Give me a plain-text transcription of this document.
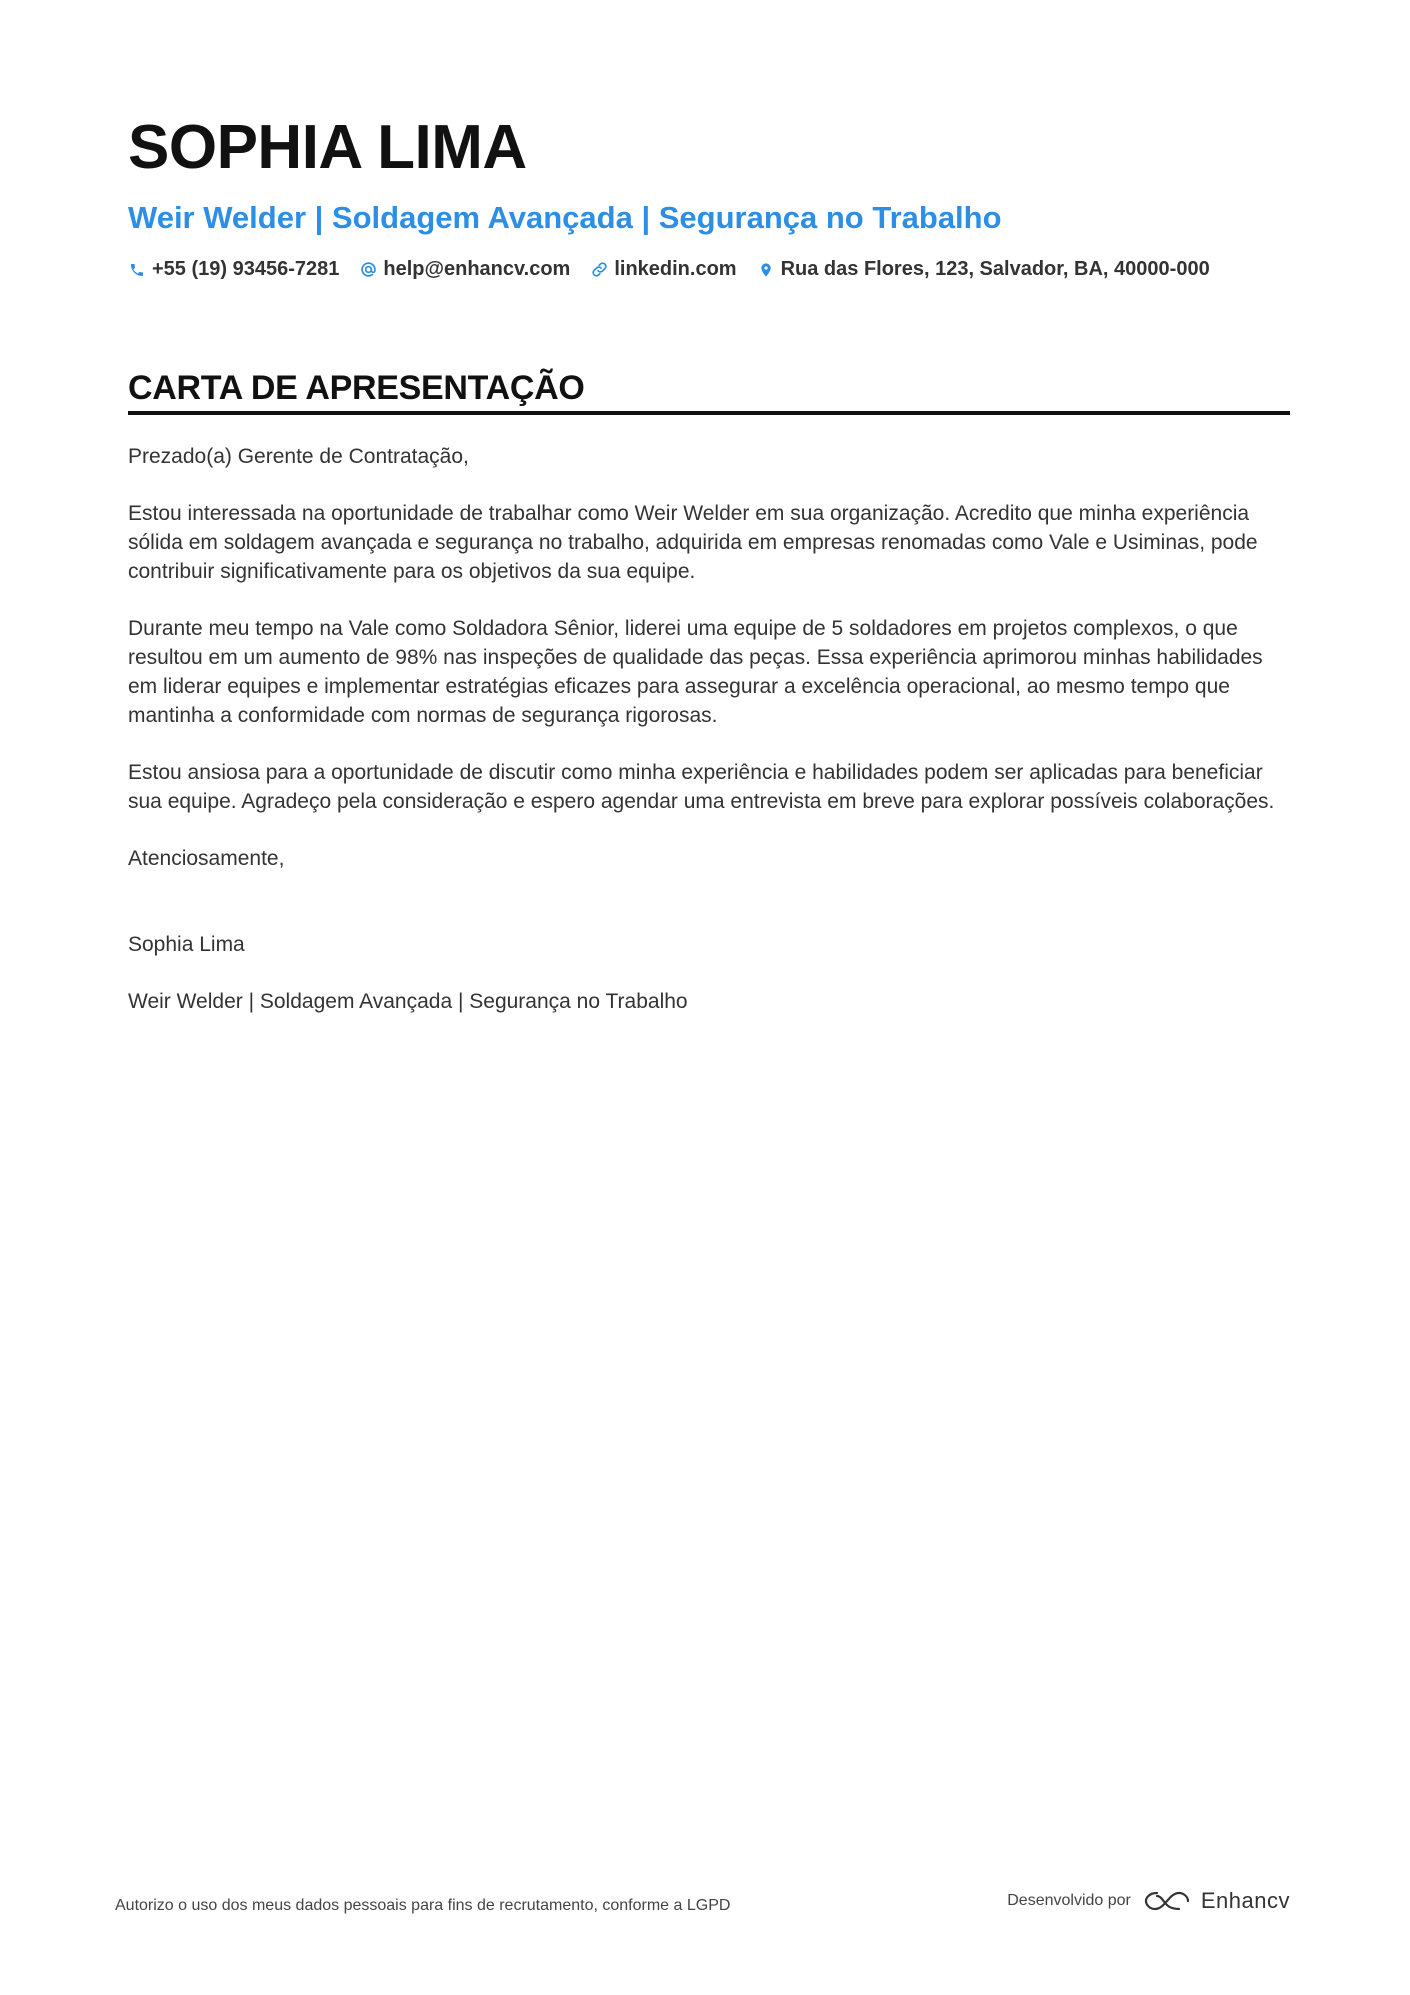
SOPHIA LIMA
Weir Welder | Soldagem Avançada | Segurança no Trabalho
+55 (19) 93456-7281 help@enhancv.com linkedin.com Rua das Flores, 123, Salvador, BA, 40000-000
CARTA DE APRESENTAÇÃO

Prezado(a) Gerente de Contratação,

Estou interessada na oportunidade de trabalhar como Weir Welder em sua organização. Acredito que minha experiência sólida em soldagem avançada e segurança no trabalho, adquirida em empresas renomadas como Vale e Usiminas, pode contribuir significativamente para os objetivos da sua equipe.

Durante meu tempo na Vale como Soldadora Sênior, liderei uma equipe de 5 soldadores em projetos complexos, o que resultou em um aumento de 98% nas inspeções de qualidade das peças. Essa experiência aprimorou minhas habilidades em liderar equipes e implementar estratégias eficazes para assegurar a excelência operacional, ao mesmo tempo que mantinha a conformidade com normas de segurança rigorosas.

Estou ansiosa para a oportunidade de discutir como minha experiência e habilidades podem ser aplicadas para beneficiar sua equipe. Agradeço pela consideração e espero agendar uma entrevista em breve para explorar possíveis colaborações.

Atenciosamente,

Sophia Lima

Weir Welder | Soldagem Avançada | Segurança no Trabalho

Autorizo o uso dos meus dados pessoais para fins de recrutamento, conforme a LGPD	Desenvolvido por	Enhancv
